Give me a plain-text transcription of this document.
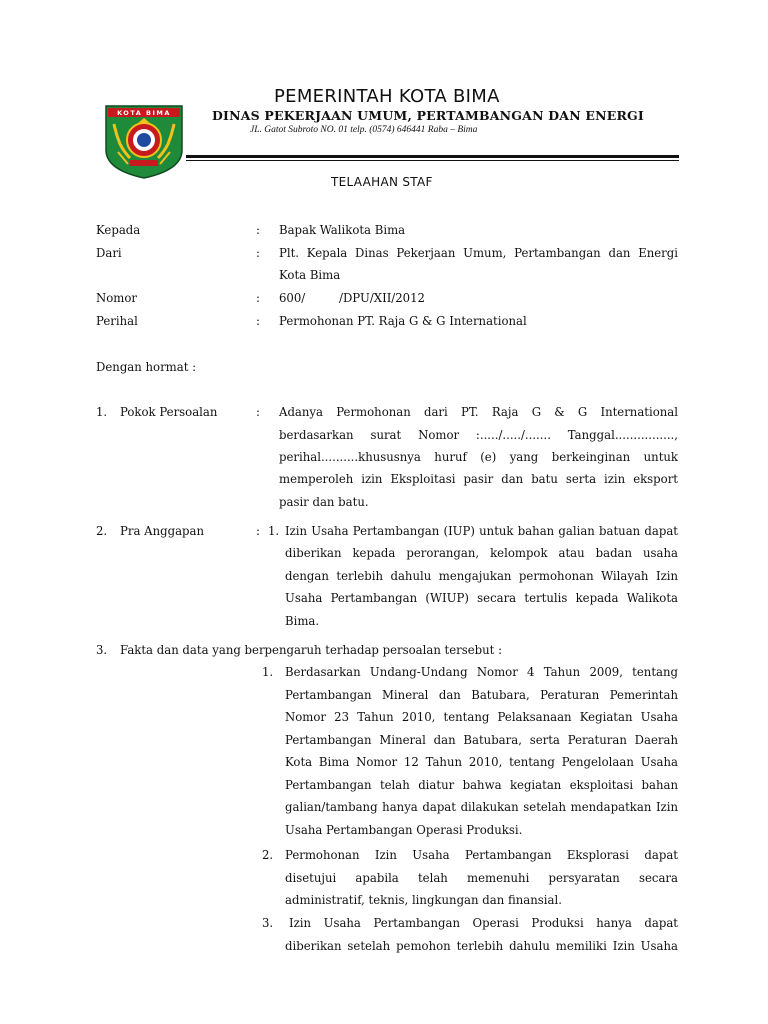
KOTA BIMA
PEMERINTAH KOTA BIMA
DINAS PEKERJAAN UMUM, PERTAMBANGAN DAN ENERGI
JL. Gatot Subroto NO. 01 telp. (0574) 646441 Raba – Bima
TELAAHAN STAF
Kepada	: Bapak Walikota Bima
Dari	: Plt. Kepala Dinas Pekerjaan Umum, Pertambangan dan Energi
Kota Bima
Nomor	: 600/	/DPU/XII/2012
Perihal	: Permohonan PT. Raja G & G International
Dengan hormat :
1. Pokok Persoalan	: Adanya Permohonan dari PT. Raja G & G International
berdasarkan surat Nomor :...../...../....... Tanggal................,
perihal..........khususnya huruf (e) yang berkeinginan untuk
memperoleh izin Eksploitasi pasir dan batu serta izin eksport
pasir dan batu.
2. Pra Anggapan	: 1. Izin Usaha Pertambangan (IUP) untuk bahan galian batuan dapat
diberikan kepada perorangan, kelompok atau badan usaha
dengan terlebih dahulu mengajukan permohonan Wilayah Izin
Usaha Pertambangan (WIUP) secara tertulis kepada Walikota
Bima.
3. Fakta dan data yang berpengaruh terhadap persoalan tersebut :
1. Berdasarkan Undang-Undang Nomor 4 Tahun 2009, tentang
Pertambangan Mineral dan Batubara, Peraturan Pemerintah
Nomor 23 Tahun 2010, tentang Pelaksanaan Kegiatan Usaha
Pertambangan Mineral dan Batubara, serta Peraturan Daerah
Kota Bima Nomor 12 Tahun 2010, tentang Pengelolaan Usaha
Pertambangan telah diatur bahwa kegiatan eksploitasi bahan
galian/tambang hanya dapat dilakukan setelah mendapatkan Izin
Usaha Pertambangan Operasi Produksi.
2. Permohonan Izin Usaha Pertambangan Eksplorasi dapat
disetujui apabila telah memenuhi persyaratan secara
administratif, teknis, lingkungan dan finansial.
3. Izin Usaha Pertambangan Operasi Produksi hanya dapat
diberikan setelah pemohon terlebih dahulu memiliki Izin Usaha
